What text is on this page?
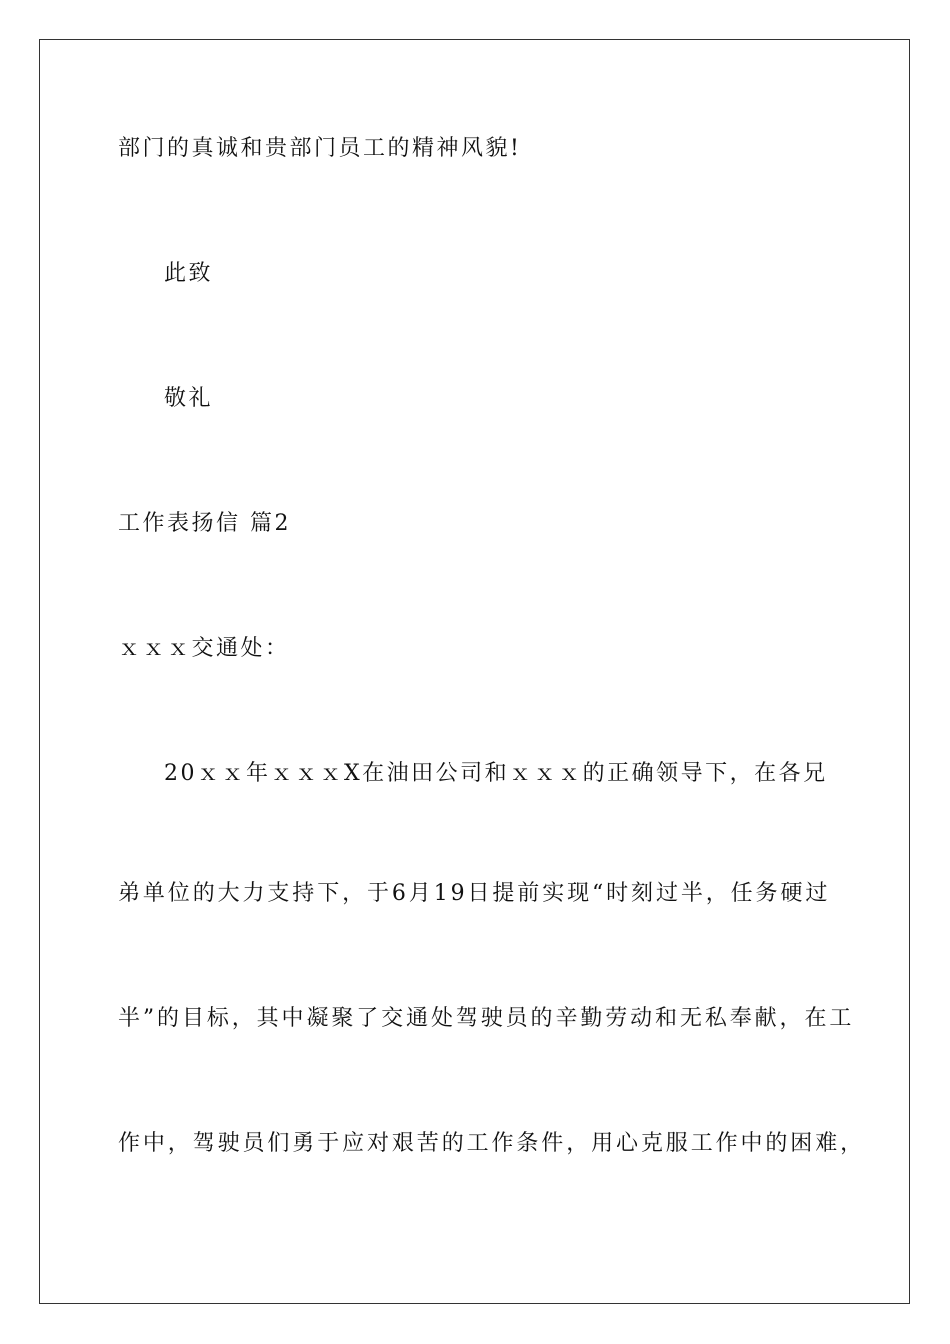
部门的真诚和贵部门员工的精神风貌!

此致

敬礼

工作表扬信 篇2

ｘｘｘ交通处：

20ｘｘ年ｘｘｘX在油田公司和ｘｘｘ的正确领导下，在各兄

弟单位的大力支持下，于6月19日提前实现“时刻过半，任务硬过

半”的目标，其中凝聚了交通处驾驶员的辛勤劳动和无私奉献，在工

作中，驾驶员们勇于应对艰苦的工作条件，用心克服工作中的困难，
